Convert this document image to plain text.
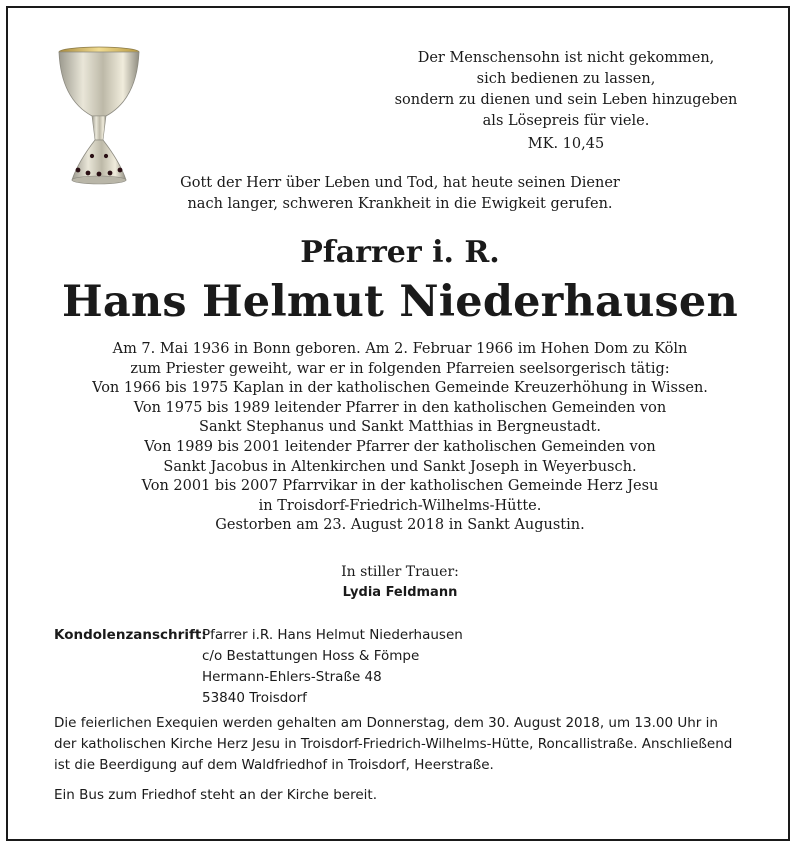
Der Menschensohn ist nicht gekommen,
sich bedienen zu lassen,
sondern zu dienen und sein Leben hinzugeben
als Lösepreis für viele.
MK. 10,45
Gott der Herr über Leben und Tod, hat heute seinen Diener
nach langer, schweren Krankheit in die Ewigkeit gerufen.
Pfarrer i. R.
Hans Helmut Niederhausen
Am 7. Mai 1936 in Bonn geboren. Am 2. Februar 1966 im Hohen Dom zu Köln
zum Priester geweiht, war er in folgenden Pfarreien seelsorgerisch tätig:
Von 1966 bis 1975 Kaplan in der katholischen Gemeinde Kreuzerhöhung in Wissen.
Von 1975 bis 1989 leitender Pfarrer in den katholischen Gemeinden von
Sankt Stephanus und Sankt Matthias in Bergneustadt.
Von 1989 bis 2001 leitender Pfarrer der katholischen Gemeinden von
Sankt Jacobus in Altenkirchen und Sankt Joseph in Weyerbusch.
Von 2001 bis 2007 Pfarrvikar in der katholischen Gemeinde Herz Jesu
in Troisdorf-Friedrich-Wilhelms-Hütte.
Gestorben am 23. August 2018 in Sankt Augustin.
In stiller Trauer:
Lydia Feldmann
Kondolenzanschrift:
Pfarrer i.R. Hans Helmut Niederhausen
c/o Bestattungen Hoss & Fömpe
Hermann-Ehlers-Straße 48
53840 Troisdorf
Die feierlichen Exequien werden gehalten am Donnerstag, dem 30. August 2018, um 13.00 Uhr in
der katholischen Kirche Herz Jesu in Troisdorf-Friedrich-Wilhelms-Hütte, Roncallistraße. Anschließend
ist die Beerdigung auf dem Waldfriedhof in Troisdorf, Heerstraße.
Ein Bus zum Friedhof steht an der Kirche bereit.
